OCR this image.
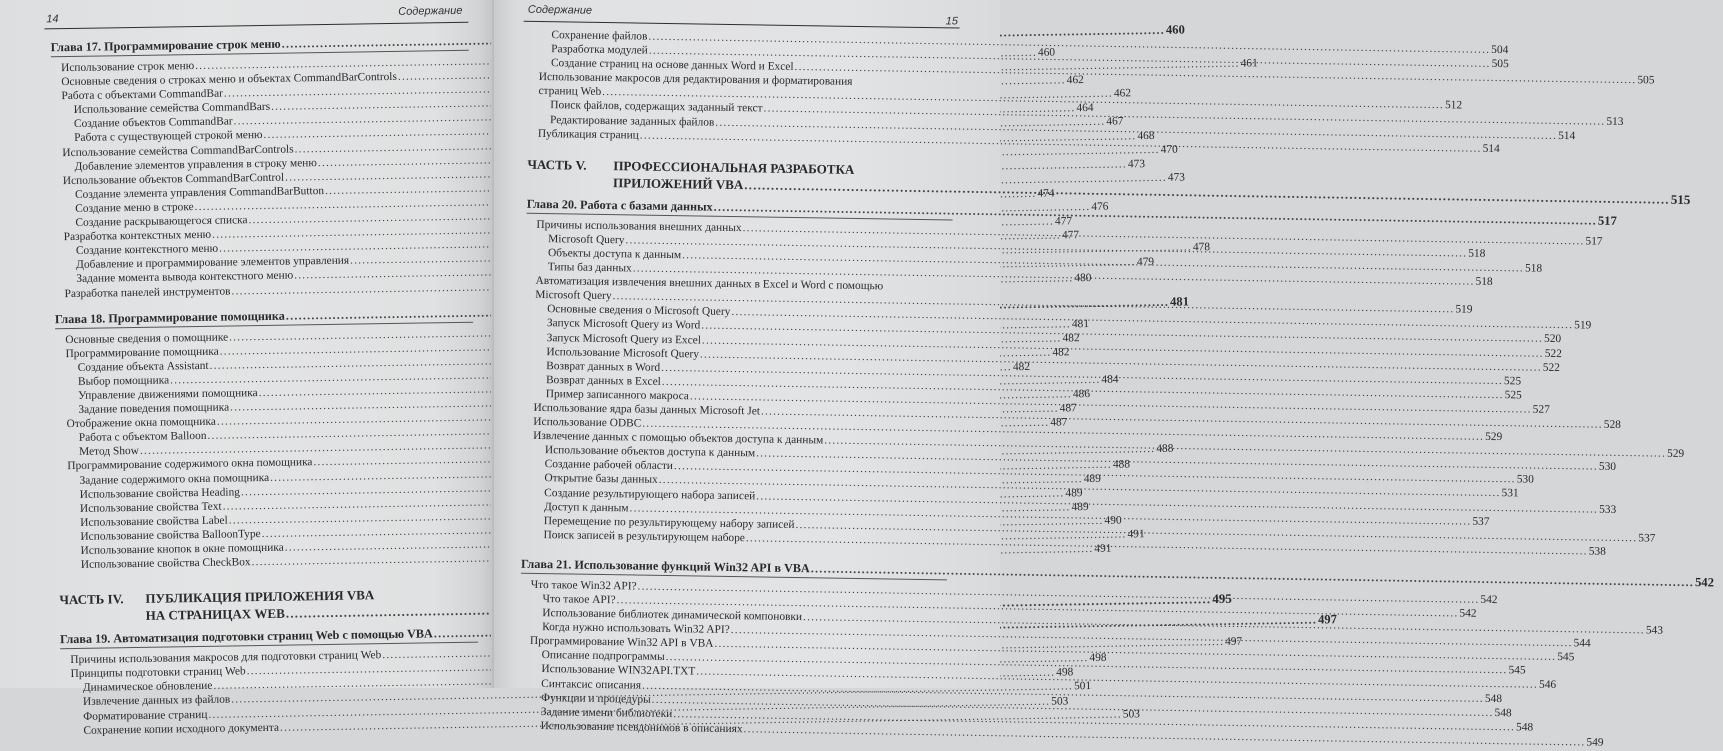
14
Содержание
Глава 17. Программирование строк меню
.....
460
Использование строк меню
.....
460
Основные сведения о строках меню и объектах CommandBarControls
.....
461
Работа с объектами CommandBar
.....
462
Использование семейства CommandBars
.....
462
Создание объектов CommandBar
.....
464
Работа с существующей строкой меню
.....
467
Использование семейства CommandBarControls
.....
468
Добавление элементов управления в строку меню
.....
470
Использование объектов CommandBarControl
.....
473
Создание элемента управления CommandBarButton
.....
473
Создание меню в строке
.....
474
Создание раскрывающегося списка
.....
476
Разработка контекстных меню
.....
477
Создание контекстного меню
.....
477
Добавление и программирование элементов управления
.....
478
Задание момента вывода контекстного меню
.....
479
Разработка панелей инструментов
.....
480
Глава 18. Программирование помощника
.....
481
Основные сведения о помощнике
.....
481
Программирование помощника
.....
482
Создание объекта Assistant
.....
482
Выбор помощника
.....
482
Управление движениями помощника
.....
484
Задание поведения помощника
.....
486
Отображение окна помощника
.....
487
Работа с объектом Balloon
.....
487
Метод Show
.....
Программирование содержимого окна помощника
.....
488
Задание содержимого окна помощника
.....
488
Использование свойства Heading
.....
489
Использование свойства Text
.....
489
Использование свойства Label
.....
489
Использование свойства BalloonType
.....
490
Использование кнопок в окне помощника
.....
491
Использование свойства CheckBox
.....
491
ЧАСТЬ IV.	ПУБЛИКАЦИЯ ПРИЛОЖЕНИЯ VBA
НА СТРАНИЦАХ WEB
.....
495
Глава 19. Автоматизация подготовки страниц Web с помощью VBA
.....
497
Причины использования макросов для подготовки страниц Web
.....
497
Принципы подготовки страниц Web
.....
498
Динамическое обновление
.....
498
Извлечение данных из файлов
.....
501
Форматирование страниц
.....
503
Сохранение копии исходного документа
.....
503
Содержание
15
Сохранение файлов
.....
504
Разработка модулей
.....
505
Создание страниц на основе данных Word и Excel
.....
505
Использование макросов для редактирования и форматирования
страниц Web
.....
512
Поиск файлов, содержащих заданный текст
.....
513
Редактирование заданных файлов
.....
514
Публикация страниц
.....
514
ЧАСТЬ V.	ПРОФЕССИОНАЛЬНАЯ РАЗРАБОТКА
ПРИЛОЖЕНИЙ VBA
.....
515
Глава 20. Работа с базами данных
.....
517
Причины использования внешних данных
.....
517
Microsoft Query
.....
518
Объекты доступа к данным
.....
518
Типы баз данных
.....
518
Автоматизация извлечения внешних данных в Excel и Word с помощью
Microsoft Query
.....
519
Основные сведения о Microsoft Query
.....
519
Запуск Microsoft Query из Word
.....
520
Запуск Microsoft Query из Excel
.....
522
Использование Microsoft Query
.....
522
Возврат данных в Word
.....
525
Возврат данных в Excel
.....
525
Пример записанного макроса
.....
527
Использование ядра базы данных Microsoft Jet
.....
528
Использование ODBC
.....
529
Извлечение данных с помощью объектов доступа к данным
.....
529
Использование объектов доступа к данным
.....
530
Создание рабочей области
.....
530
Открытие базы данных
.....
531
Создание результирующего набора записей
.....
533
Доступ к данным
.....
537
Перемещение по результирующему набору записей
.....
537
Поиск записей в результирующем наборе
.....
538
Глава 21. Использование функций Win32 API в VBA
.....
542
Что такое Win32 API?
.....
542
Что такое API?
.....
542
Использование библиотек динамической компоновки
.....
543
Когда нужно использовать Win32 API?
.....
544
Программирование Win32 API в VBA
.....
545
Описание подпрограммы
.....
545
Использование WIN32API.TXT
.....
546
Синтаксис описания
.....
548
Функции и процедуры
.....
548
Задание имени библиотеки
.....
548
Использование псевдонимов в описаниях
.....
549
